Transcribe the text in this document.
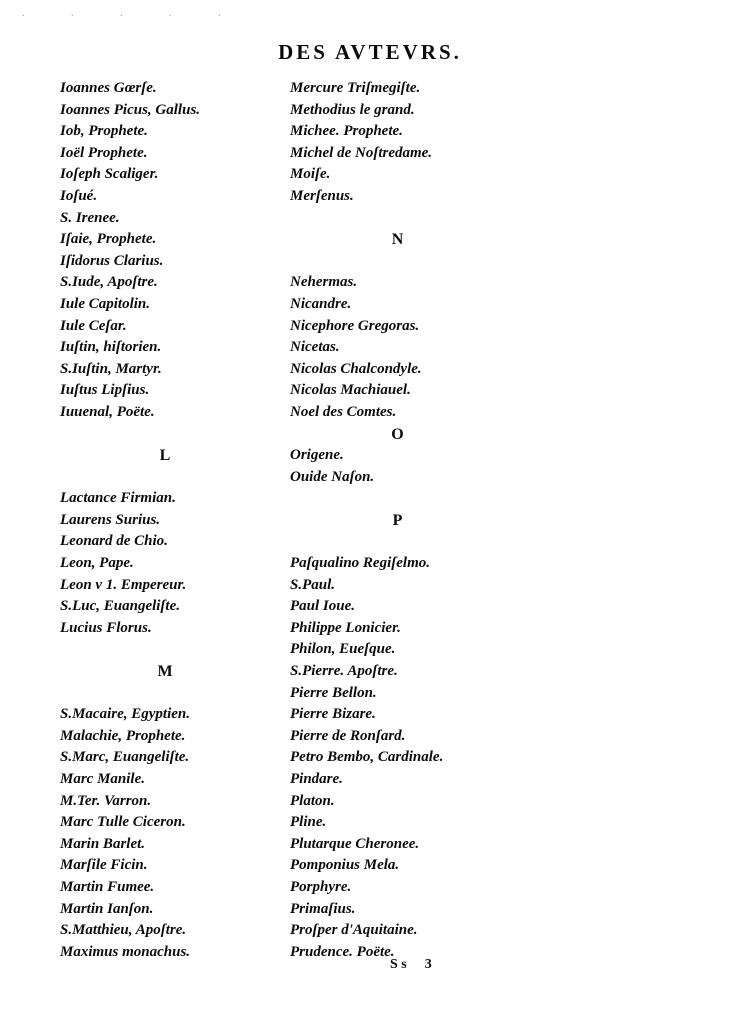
. . . . .
DES AVTEVRS.
Ioannes Gœrſe.
Ioannes Picus, Gallus.
Iob, Prophete.
Ioël Prophete.
Ioſeph Scaliger.
Ioſué.
S. Irenee.
Iſaie, Prophete.
Iſidorus Clarius.
S.Iude, Apoſtre.
Iule Capitolin.
Iule Ceſar.
Iuſtin, hiſtorien.
S.Iuſtin, Martyr.
Iuſtus Lipſius.
Iuuenal, Poëte.
L
Lactance Firmian.
Laurens Surius.
Leonard de Chio.
Leon, Pape.
Leon v 1. Empereur.
S.Luc, Euangeliſte.
Lucius Florus.
M
S.Macaire, Egyptien.
Malachie, Prophete.
S.Marc, Euangeliſte.
Marc Manile.
M.Ter. Varron.
Marc Tulle Ciceron.
Marin Barlet.
Marſile Ficin.
Martin Fumee.
Martin Ianſon.
S.Matthieu, Apoſtre.
Maximus monachus.
Mercure Triſmegiſte.
Methodius le grand.
Michee. Prophete.
Michel de Noſtredame.
Moiſe.
Merſenus.
N
Nehermas.
Nicandre.
Nicephore Gregoras.
Nicetas.
Nicolas Chalcondyle.
Nicolas Machiauel.
Noel des Comtes.
O
Origene.
Ouide Naſon.
P
Paſqualino Regiſelmo.
S.Paul.
Paul Ioue.
Philippe Lonicier.
Philon, Eueſque.
S.Pierre. Apoſtre.
Pierre Bellon.
Pierre Bizare.
Pierre de Ronſard.
Petro Bembo, Cardinale.
Pindare.
Platon.
Pline.
Plutarque Cheronee.
Pomponius Mela.
Porphyre.
Primaſius.
Proſper d'Aquitaine.
Prudence. Poëte.
S s 3
